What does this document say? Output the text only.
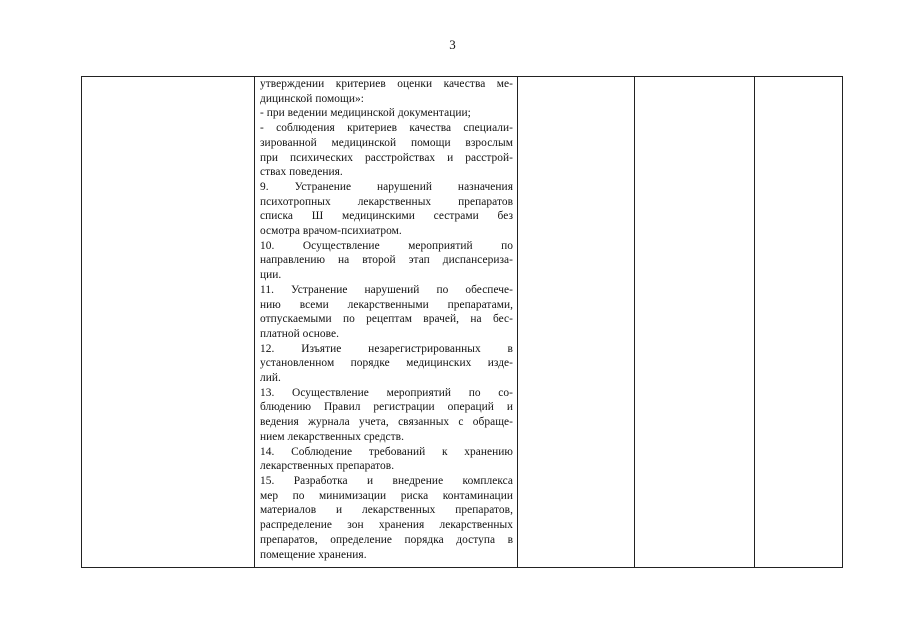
3

утверждении критериев оценки качества ме-
дицинской помощи»:
- при ведении медицинской документации;
- соблюдения критериев качества специали-
зированной медицинской помощи взрослым
при психических расстройствах и расстрой-
ствах поведения.
9. Устранение нарушений назначения
психотропных лекарственных препаратов
списка Ш медицинскими сестрами без
осмотра врачом-психиатром.
10. Осуществление мероприятий по
направлению на второй этап диспансериза-
ции.
11. Устранение нарушений по обеспече-
нию всеми лекарственными препаратами,
отпускаемыми по рецептам врачей, на бес-
платной основе.
12. Изъятие незарегистрированных в
установленном порядке медицинских изде-
лий.
13. Осуществление мероприятий по со-
блюдению Правил регистрации операций и
ведения журнала учета, связанных с обраще-
нием лекарственных средств.
14. Соблюдение требований к хранению
лекарственных препаратов.
15. Разработка и внедрение комплекса
мер по минимизации риска контаминации
материалов и лекарственных препаратов,
распределение зон хранения лекарственных
препаратов, определение порядка доступа в
помещение хранения.
